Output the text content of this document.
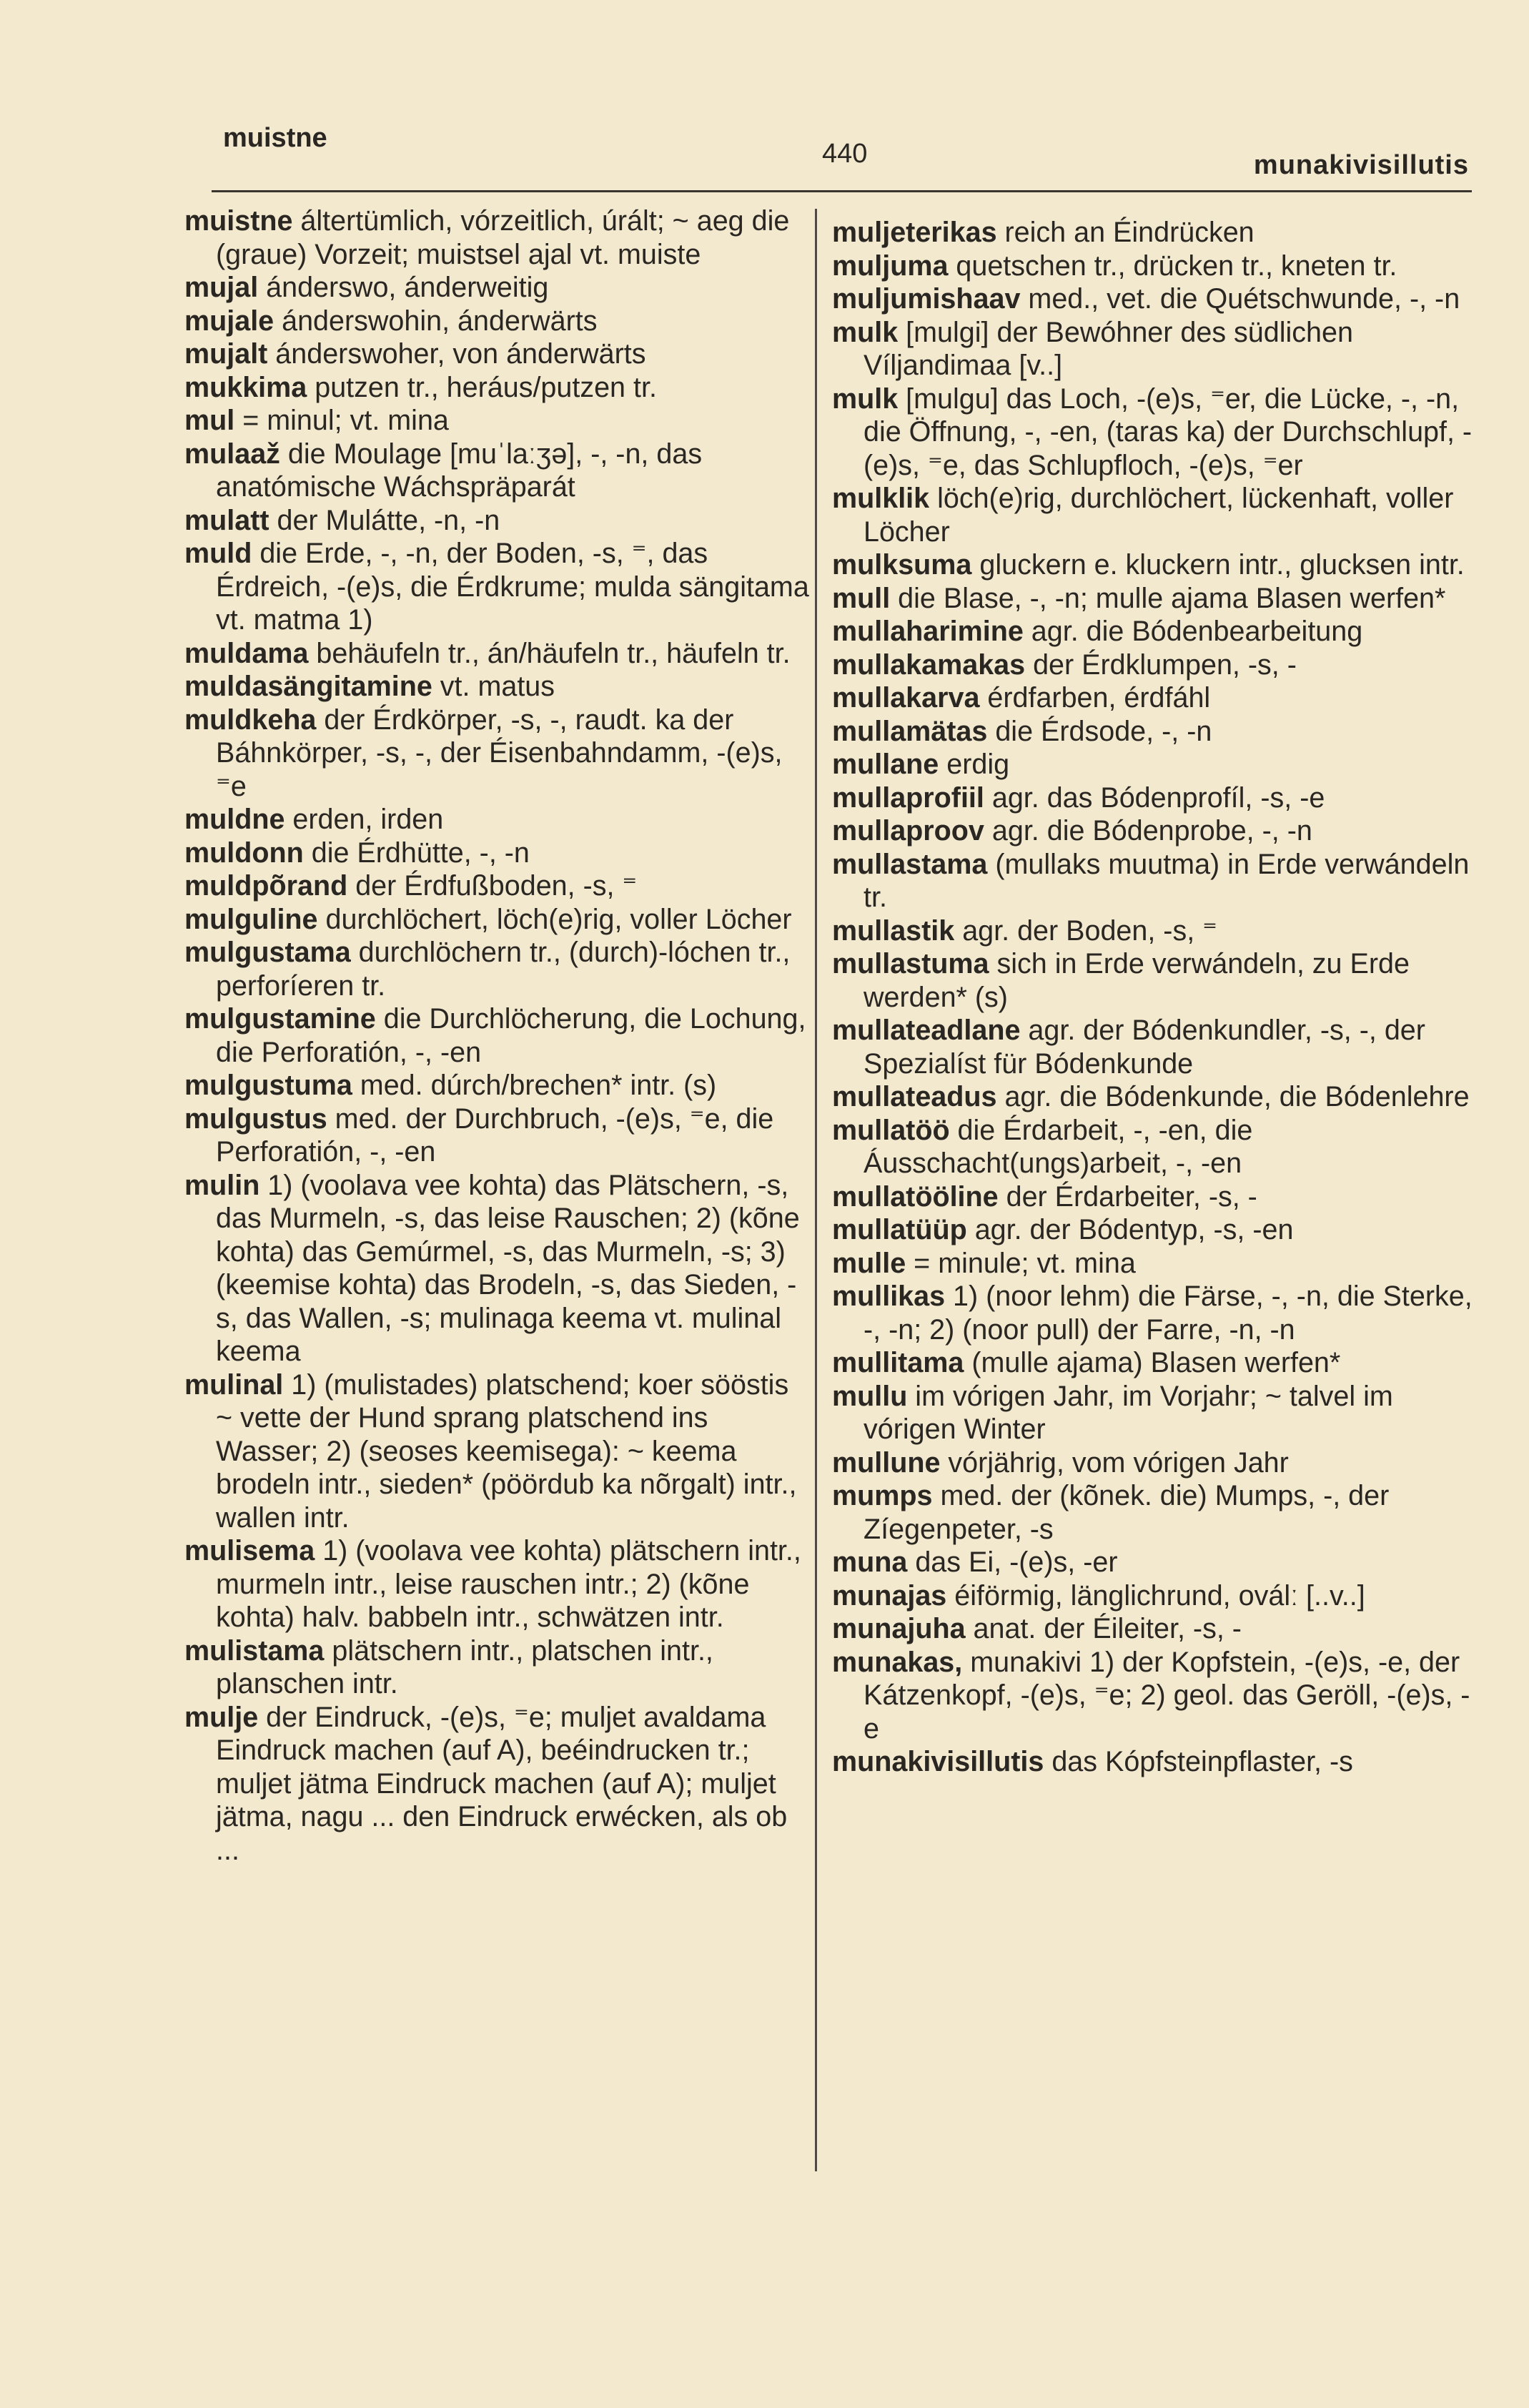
muistne
440	munakivisillutis

muistne áltertümlich, vórzeitlich, úrált; ~ aeg die (graue) Vorzeit; muistsel ajal vt. muiste

mujal ánderswo, ánderweitig

mujale ánderswohin, ánderwärts

mujalt ánderswoher, von ánderwärts

mukkima putzen tr., heráus/putzen tr.

mul = minul; vt. mina

mulaaž die Moulage [muˈlaːʒə], -, -n, das anatómische Wáchspräparát

mulatt der Mulátte, -n, -n

muld die Erde, -, -n, der Boden, -s, ⁼, das Érdreich, -(e)s, die Érdkrume; mulda sängitama vt. matma 1)

muldama behäufeln tr., án/häufeln tr., häufeln tr.

muldasängitamine vt. matus

muldkeha der Érdkörper, -s, -, raudt. ka der Báhnkörper, -s, -, der Éisenbahndamm, -(e)s, ⁼e

muldne erden, irden

muldonn die Érdhütte, -, -n

muldpõrand der Érdfußboden, -s, ⁼

mulguline durchlöchert, löch(e)rig, voller Löcher

mulgustama durchlöchern tr., (durch)-lóchen tr., perforíeren tr.

mulgustamine die Durchlöcherung, die Lochung, die Perforatión, -, -en

mulgustuma med. dúrch/brechen* intr. (s)

mulgustus med. der Durchbruch, -(e)s, ⁼e, die Perforatión, -, -en

mulin 1) (voolava vee kohta) das Plätschern, -s, das Murmeln, -s, das leise Rauschen; 2) (kõne kohta) das Gemúrmel, -s, das Murmeln, -s; 3) (keemise kohta) das Brodeln, -s, das Sieden, -s, das Wallen, -s; mulinaga keema vt. mulinal keema

mulinal 1) (mulistades) platschend; koer sööstis ~ vette der Hund sprang platschend ins Wasser; 2) (seoses keemisega): ~ keema brodeln intr., sieden* (pöördub ka nõrgalt) intr., wallen intr.

mulisema 1) (voolava vee kohta) plätschern intr., murmeln intr., leise rauschen intr.; 2) (kõne kohta) halv. babbeln intr., schwätzen intr.

mulistama plätschern intr., platschen intr., planschen intr.

mulje der Eindruck, -(e)s, ⁼e; muljet avaldama Eindruck machen (auf A), beéindrucken tr.; muljet jätma Eindruck machen (auf A); muljet jätma, nagu ... den Eindruck erwécken, als ob ...

muljeterikas reich an Éindrücken

muljuma quetschen tr., drücken tr., kneten tr.

muljumishaav med., vet. die Quétschwunde, -, -n

mulk [mulgi] der Bewóhner des südlichen Víljandimaa [v..]

mulk [mulgu] das Loch, -(e)s, ⁼er, die Lücke, -, -n, die Öffnung, -, -en, (taras ka) der Durchschlupf, -(e)s, ⁼e, das Schlupfloch, -(e)s, ⁼er

mulklik löch(e)rig, durchlöchert, lückenhaft, voller Löcher

mulksuma gluckern e. kluckern intr., glucksen intr.

mull die Blase, -, -n; mulle ajama Blasen werfen*

mullaharimine agr. die Bódenbearbeitung

mullakamakas der Érdklumpen, -s, -

mullakarva érdfarben, érdfáhl

mullamätas die Érdsode, -, -n

mullane erdig

mullaprofiil agr. das Bódenprofíl, -s, -e

mullaproov agr. die Bódenprobe, -, -n

mullastama (mullaks muutma) in Erde verwándeln tr.

mullastik agr. der Boden, -s, ⁼

mullastuma sich in Erde verwándeln, zu Erde werden* (s)

mullateadlane agr. der Bódenkundler, -s, -, der Spezialíst für Bódenkunde

mullateadus agr. die Bódenkunde, die Bódenlehre

mullatöö die Érdarbeit, -, -en, die Áusschacht(ungs)arbeit, -, -en

mullatööline der Érdarbeiter, -s, -

mullatüüp agr. der Bódentyp, -s, -en

mulle = minule; vt. mina

mullikas 1) (noor lehm) die Färse, -, -n, die Sterke, -, -n; 2) (noor pull) der Farre, -n, -n

mullitama (mulle ajama) Blasen werfen*

mullu im vórigen Jahr, im Vorjahr; ~ talvel im vórigen Winter

mullune vórjährig, vom vórigen Jahr

mumps med. der (kõnek. die) Mumps, -, der Zíegenpeter, -s

muna das Ei, -(e)s, -er

munajas éiförmig, länglichrund, oválː [..v..]

munajuha anat. der Éileiter, -s, -

munakas, munakivi 1) der Kopfstein, -(e)s, -e, der Kátzenkopf, -(e)s, ⁼e; 2) geol. das Geröll, -(e)s, -e

munakivisillutis das Kópfsteinpflaster, -s
